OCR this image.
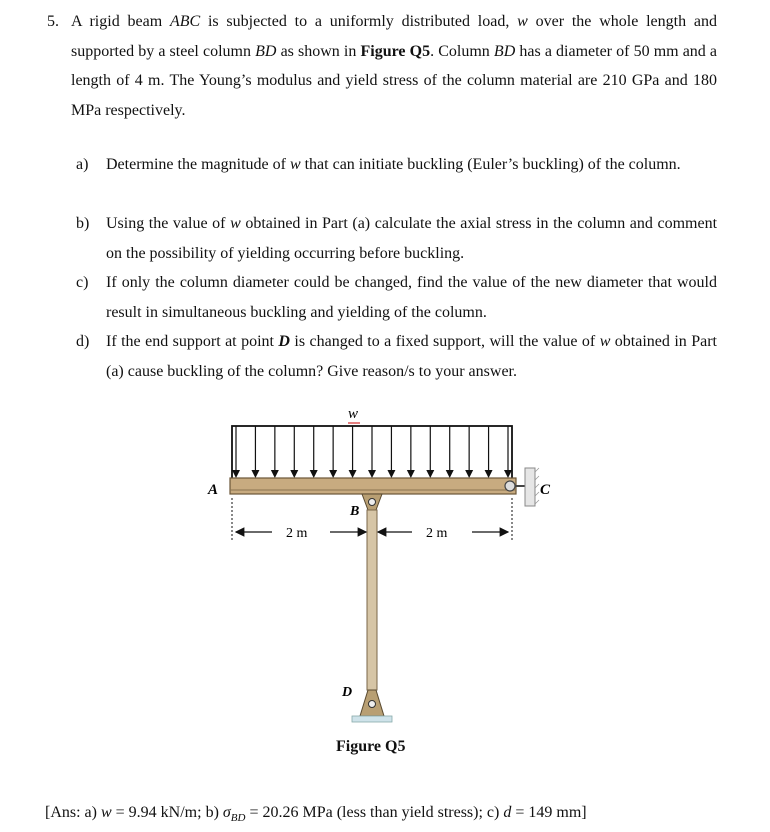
5. A rigid beam ABC is subjected to a uniformly distributed load, w over the whole length and supported by a steel column BD as shown in Figure Q5. Column BD has a diameter of 50 mm and a length of 4 m. The Young’s modulus and yield stress of the column material are 210 GPa and 180 MPa respectively.
a) Determine the magnitude of w that can initiate buckling (Euler’s buckling) of the column.
b) Using the value of w obtained in Part (a) calculate the axial stress in the column and comment on the possibility of yielding occurring before buckling.
c) If only the column diameter could be changed, find the value of the new diameter that would result in simultaneous buckling and yielding of the column.
d) If the end support at point D is changed to a fixed support, will the value of w obtained in Part (a) cause buckling of the column? Give reason/s to your answer.
w
A	C
B
D
2 m	2 m
Figure Q5
[Ans: a) w = 9.94 kN/m; b) $\sigma_{BD} = 20.26$ MPa (less than yield stress); c) d = 149 mm]
